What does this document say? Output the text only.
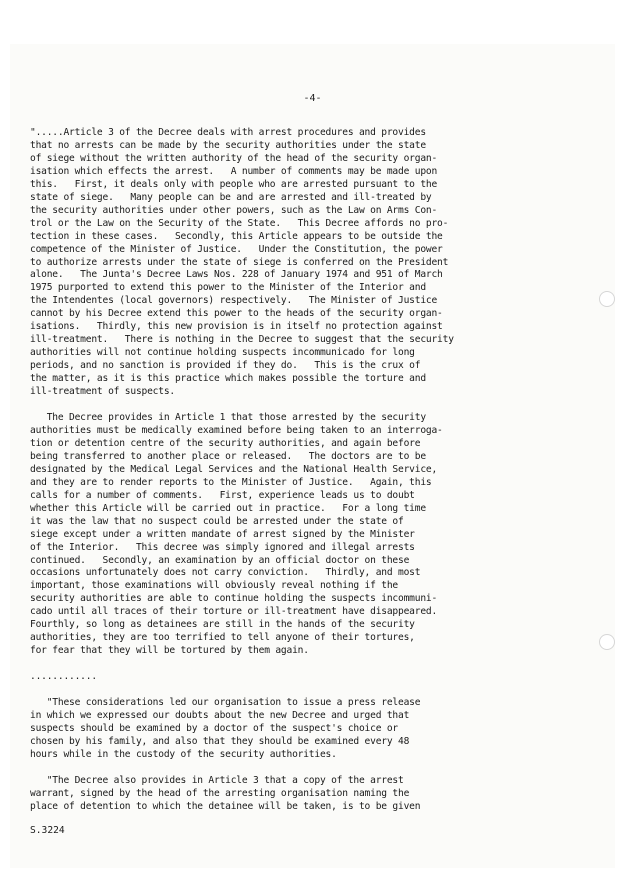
-4-
".....Article 3 of the Decree deals with arrest procedures and provides
that no arrests can be made by the security authorities under the state
of siege without the written authority of the head of the security organ-
isation which effects the arrest.   A number of comments may be made upon
this.   First, it deals only with people who are arrested pursuant to the
state of siege.   Many people can be and are arrested and ill-treated by
the security authorities under other powers, such as the Law on Arms Con-
trol or the Law on the Security of the State.   This Decree affords no pro-
tection in these cases.   Secondly, this Article appears to be outside the
competence of the Minister of Justice.   Under the Constitution, the power
to authorize arrests under the state of siege is conferred on the President
alone.   The Junta's Decree Laws Nos. 228 of January 1974 and 951 of March
1975 purported to extend this power to the Minister of the Interior and
the Intendentes (local governors) respectively.   The Minister of Justice
cannot by his Decree extend this power to the heads of the security organ-
isations.   Thirdly, this new provision is in itself no protection against
ill-treatment.   There is nothing in the Decree to suggest that the security
authorities will not continue holding suspects incommunicado for long
periods, and no sanction is provided if they do.   This is the crux of
the matter, as it is this practice which makes possible the torture and
ill-treatment of suspects.
The Decree provides in Article 1 that those arrested by the security
authorities must be medically examined before being taken to an interroga-
tion or detention centre of the security authorities, and again before
being transferred to another place or released.   The doctors are to be
designated by the Medical Legal Services and the National Health Service,
and they are to render reports to the Minister of Justice.   Again, this
calls for a number of comments.   First, experience leads us to doubt
whether this Article will be carried out in practice.   For a long time
it was the law that no suspect could be arrested under the state of
siege except under a written mandate of arrest signed by the Minister
of the Interior.   This decree was simply ignored and illegal arrests
continued.   Secondly, an examination by an official doctor on these
occasions unfortunately does not carry conviction.   Thirdly, and most
important, those examinations will obviously reveal nothing if the
security authorities are able to continue holding the suspects incommuni-
cado until all traces of their torture or ill-treatment have disappeared.
Fourthly, so long as detainees are still in the hands of the security
authorities, they are too terrified to tell anyone of their tortures,
for fear that they will be tortured by them again.
............
"These considerations led our organisation to issue a press release
in which we expressed our doubts about the new Decree and urged that
suspects should be examined by a doctor of the suspect's choice or
chosen by his family, and also that they should be examined every 48
hours while in the custody of the security authorities.
"The Decree also provides in Article 3 that a copy of the arrest
warrant, signed by the head of the arresting organisation naming the
place of detention to which the detainee will be taken, is to be given
S.3224
